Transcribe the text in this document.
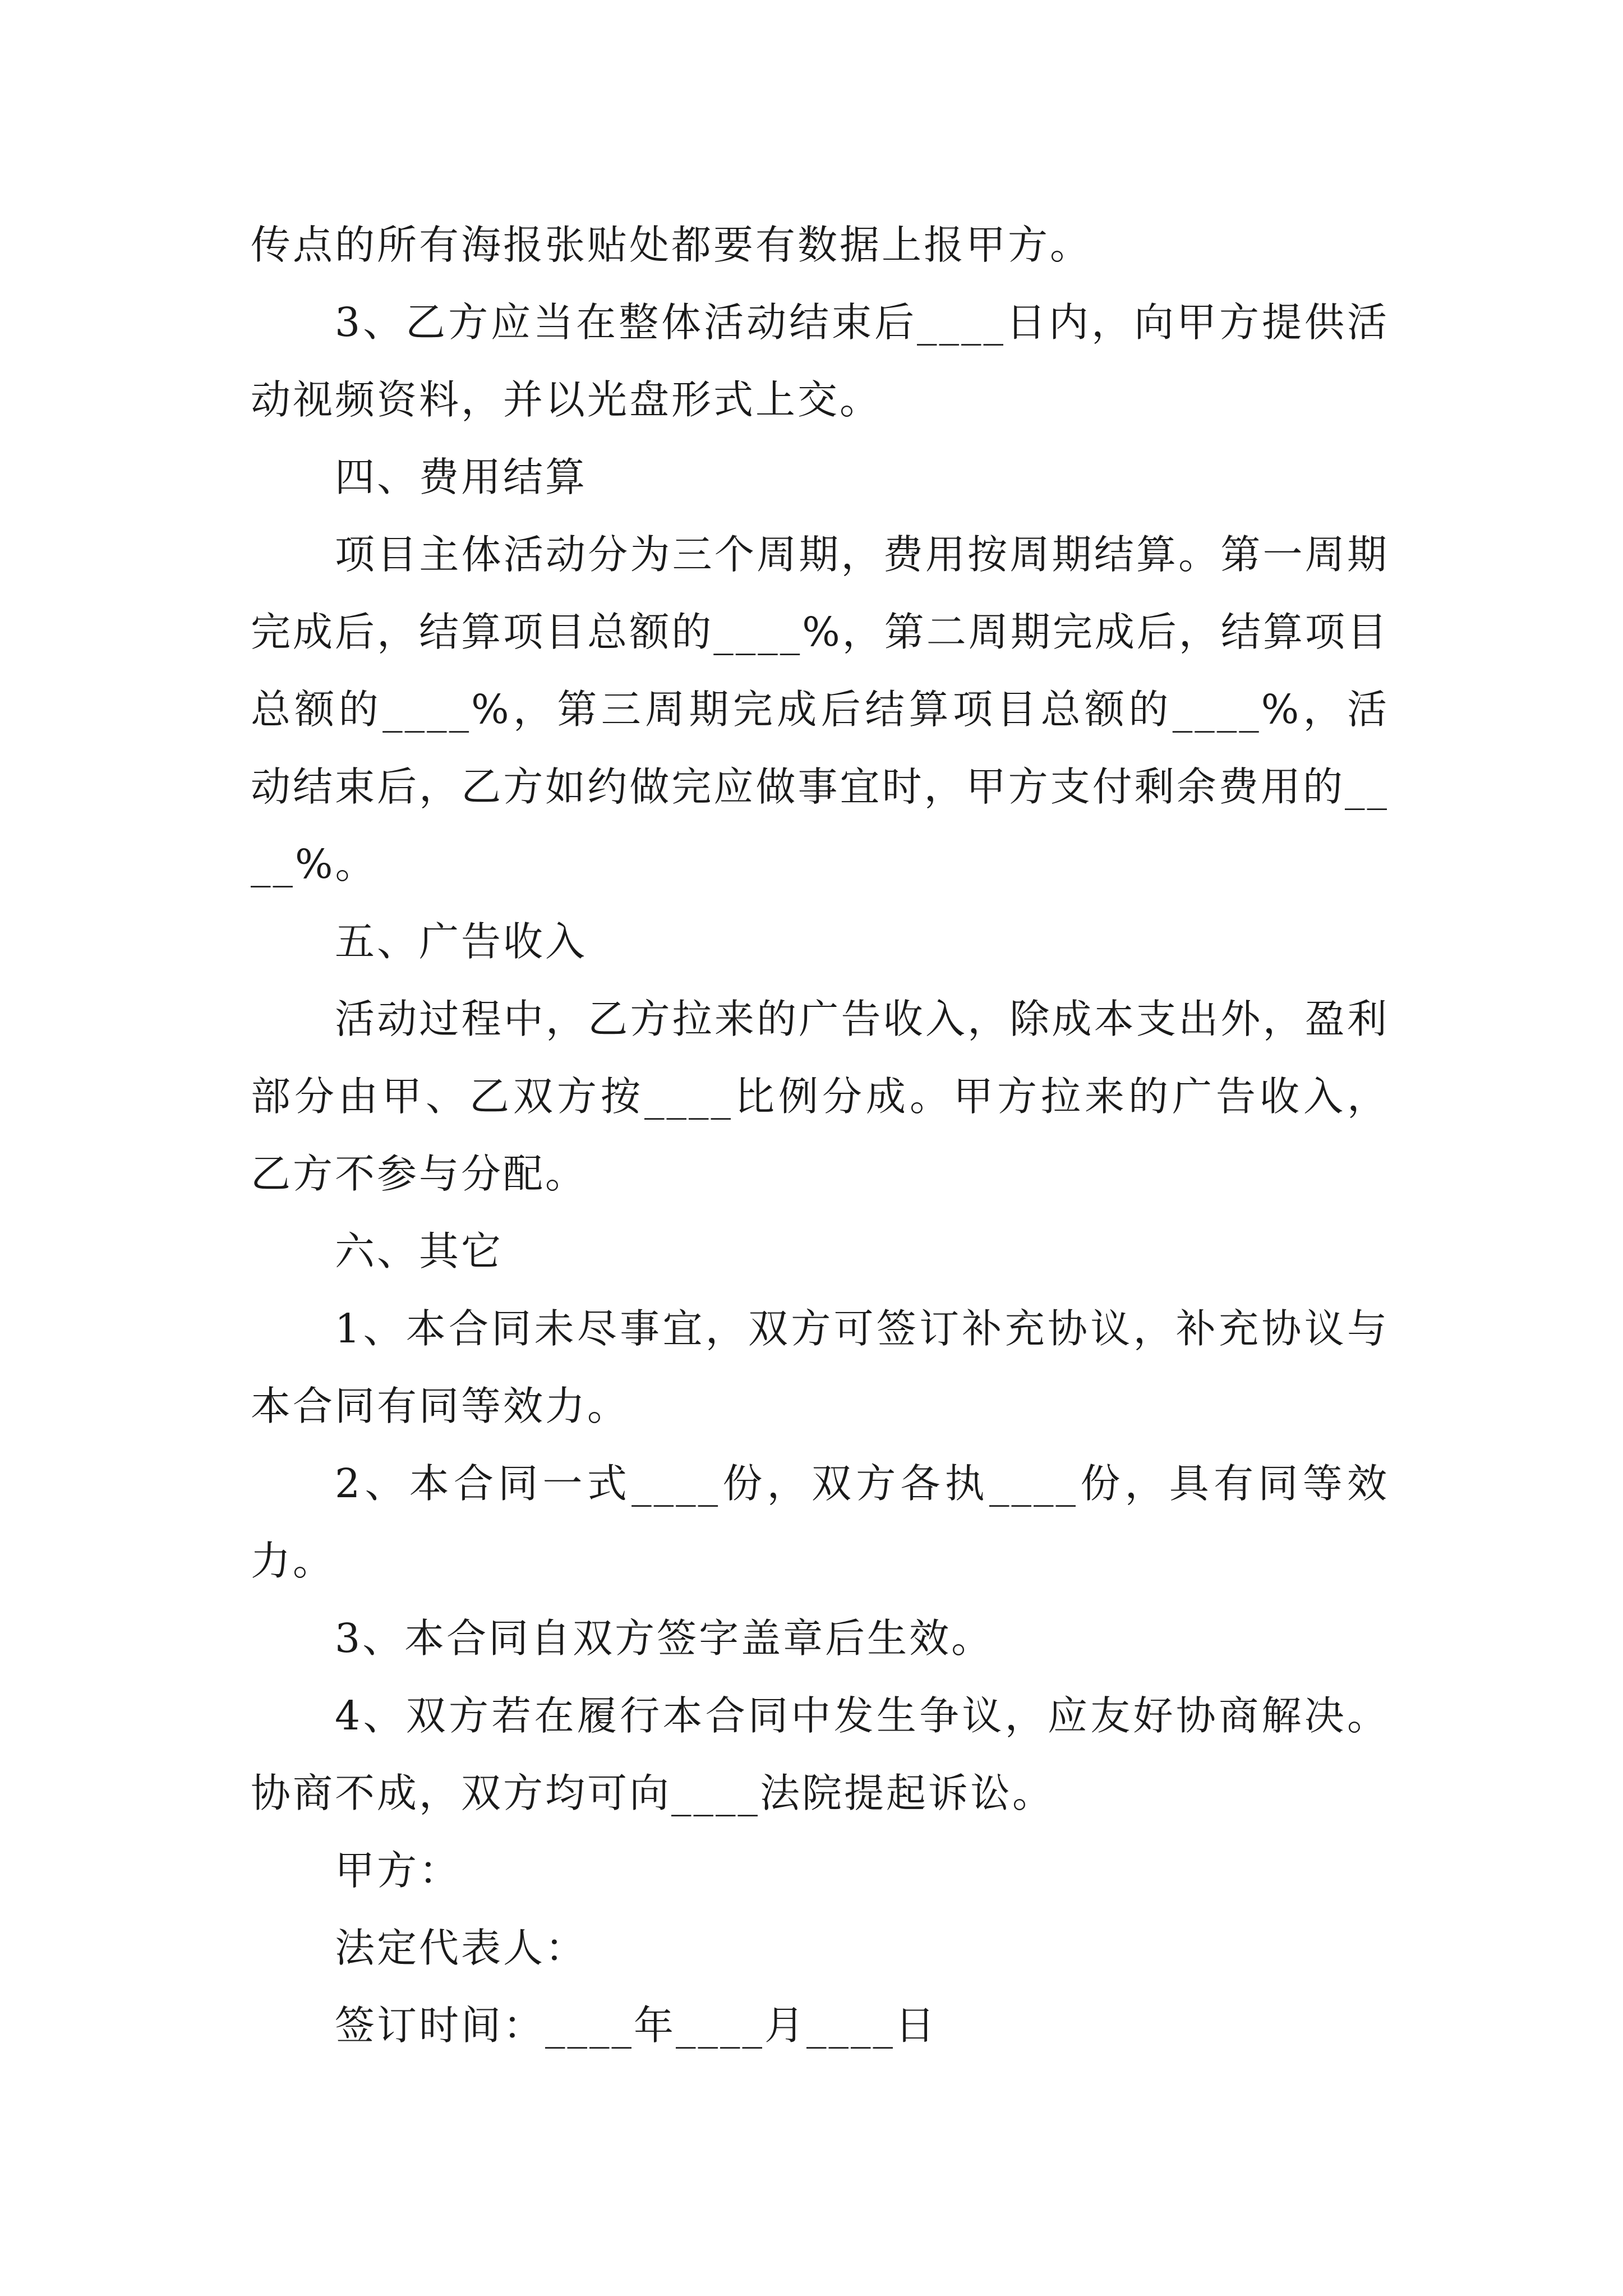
传点的所有海报张贴处都要有数据上报甲方。

3、乙方应当在整体活动结束后____日内，向甲方提供活动视频资料，并以光盘形式上交。

四、费用结算

项目主体活动分为三个周期，费用按周期结算。第一周期完成后，结算项目总额的____%，第二周期完成后，结算项目总额的____%，第三周期完成后结算项目总额的____%，活动结束后，乙方如约做完应做事宜时，甲方支付剩余费用的____%。

五、广告收入

活动过程中，乙方拉来的广告收入，除成本支出外，盈利部分由甲、乙双方按____比例分成。甲方拉来的广告收入，乙方不参与分配。

六、其它

1、本合同未尽事宜，双方可签订补充协议，补充协议与本合同有同等效力。

2、本合同一式____份，双方各执____份，具有同等效力。

3、本合同自双方签字盖章后生效。

4、双方若在履行本合同中发生争议，应友好协商解决。协商不成，双方均可向____法院提起诉讼。

甲方：

法定代表人：

签订时间：____年____月____日
